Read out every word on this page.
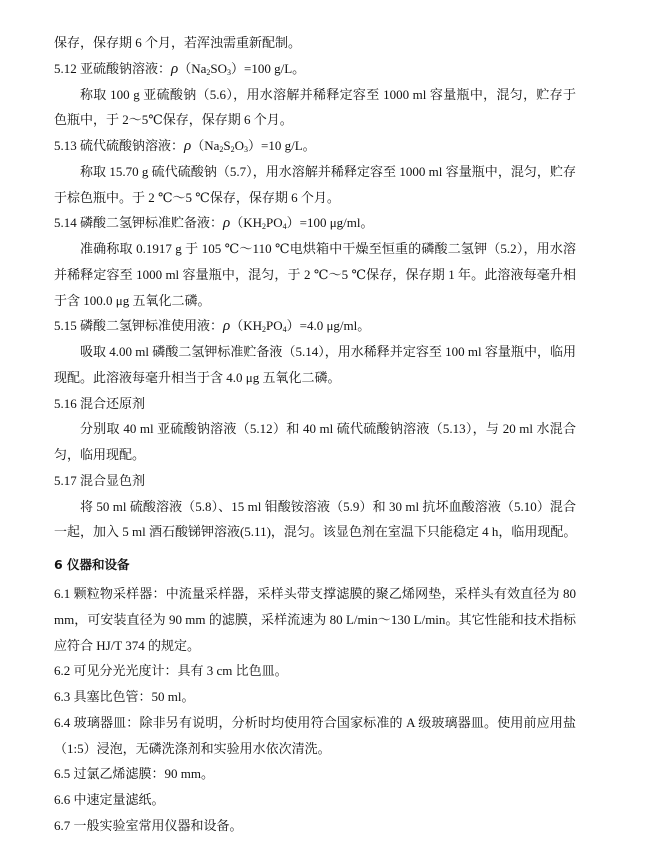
保存，保存期 6 个月，若浑浊需重新配制。
5.12 亚硫酸钠溶液：$\rho(Na_2SO_3)=100$ g/L。
称取 100 g 亚硫酸钠（5.6），用水溶解并稀释定容至 1000 ml 容量瓶中，混匀，贮存于
色瓶中，于 2～5℃保存，保存期 6 个月。
5.13 硫代硫酸钠溶液：$\rho(Na_2S_2O_3)=10$ g/L。
称取 15.70 g 硫代硫酸钠（5.7），用水溶解并稀释定容至 1000 ml 容量瓶中，混匀，贮存
于棕色瓶中。于 2 ℃～5 ℃保存，保存期 6 个月。
5.14 磷酸二氢钾标准贮备液：$\rho(KH_2PO_4)=100$ μg/ml。
准确称取 0.1917 g 于 105 ℃～110 ℃电烘箱中干燥至恒重的磷酸二氢钾（5.2），用水溶
并稀释定容至 1000 ml 容量瓶中，混匀，于 2 ℃～5 ℃保存，保存期 1 年。此溶液每毫升相
于含 100.0 μg 五氧化二磷。
5.15 磷酸二氢钾标准使用液：$\rho(KH_2PO_4)=4.0$ μg/ml。
吸取 4.00 ml 磷酸二氢钾标准贮备液（5.14），用水稀释并定容至 100 ml 容量瓶中，临用
现配。此溶液每毫升相当于含 4.0 μg 五氧化二磷。
5.16 混合还原剂
分别取 40 ml 亚硫酸钠溶液（5.12）和 40 ml 硫代硫酸钠溶液（5.13），与 20 ml 水混合
匀，临用现配。
5.17 混合显色剂
将 50 ml 硫酸溶液（5.8）、15 ml 钼酸铵溶液（5.9）和 30 ml 抗坏血酸溶液（5.10）混合
一起，加入 5 ml 酒石酸锑钾溶液(5.11)，混匀。该显色剂在室温下只能稳定 4 h，临用现配。
6 仪器和设备
6.1 颗粒物采样器：中流量采样器，采样头带支撑滤膜的聚乙烯网垫，采样头有效直径为 80
mm，可安装直径为 90 mm 的滤膜，采样流速为 80 L/min～130 L/min。其它性能和技术指标
应符合 HJ/T 374 的规定。
6.2 可见分光光度计：具有 3 cm 比色皿。
6.3 具塞比色管：50 ml。
6.4 玻璃器皿：除非另有说明，分析时均使用符合国家标准的 A 级玻璃器皿。使用前应用盐
（1:5）浸泡，无磷洗涤剂和实验用水依次清洗。
6.5 过氯乙烯滤膜：90 mm。
6.6 中速定量滤纸。
6.7 一般实验室常用仪器和设备。
